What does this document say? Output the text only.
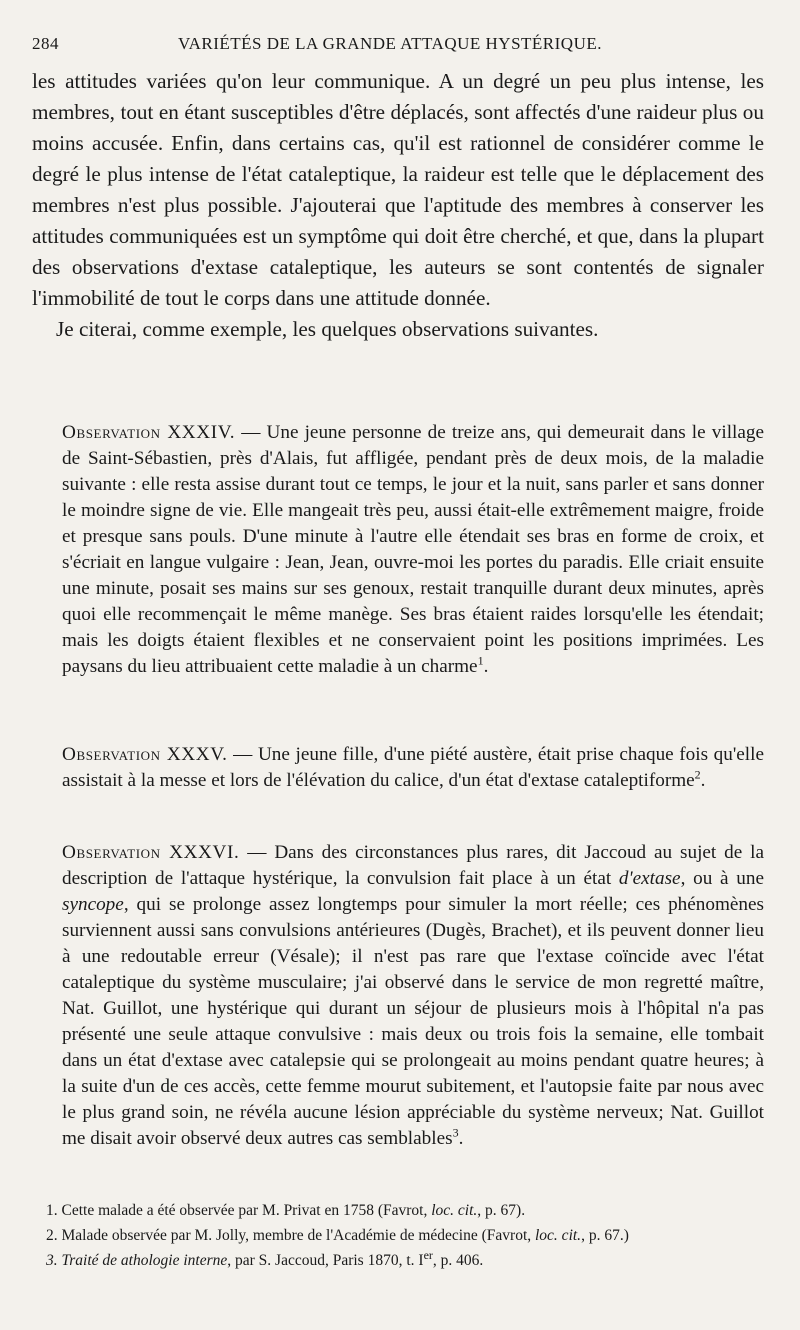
284	VARIÉTÉS DE LA GRANDE ATTAQUE HYSTÉRIQUE.

les attitudes variées qu'on leur communique. A un degré un peu plus intense, les membres, tout en étant susceptibles d'être déplacés, sont affectés d'une raideur plus ou moins accusée. Enfin, dans certains cas, qu'il est rationnel de considérer comme le degré le plus intense de l'état cataleptique, la raideur est telle que le déplacement des membres n'est plus possible. J'ajouterai que l'aptitude des membres à conserver les attitudes communiquées est un symptôme qui doit être cherché, et que, dans la plupart des observations d'extase cataleptique, les auteurs se sont contentés de signaler l'immobilité de tout le corps dans une attitude donnée.

Je citerai, comme exemple, les quelques observations suivantes.

Observation XXXIV. — Une jeune personne de treize ans, qui demeurait dans le village de Saint-Sébastien, près d'Alais, fut affligée, pendant près de deux mois, de la maladie suivante : elle resta assise durant tout ce temps, le jour et la nuit, sans parler et sans donner le moindre signe de vie. Elle mangeait très peu, aussi était-elle extrêmement maigre, froide et presque sans pouls. D'une minute à l'autre elle étendait ses bras en forme de croix, et s'écriait en langue vulgaire : Jean, Jean, ouvre-moi les portes du paradis. Elle criait ensuite une minute, posait ses mains sur ses genoux, restait tranquille durant deux minutes, après quoi elle recommençait le même manège. Ses bras étaient raides lorsqu'elle les étendait; mais les doigts étaient flexibles et ne conservaient point les positions imprimées. Les paysans du lieu attribuaient cette maladie à un charme$^1$.

Observation XXXV. — Une jeune fille, d'une piété austère, était prise chaque fois qu'elle assistait à la messe et lors de l'élévation du calice, d'un état d'extase cataleptiforme$^2$.

Observation XXXVI. — Dans des circonstances plus rares, dit Jaccoud au sujet de la description de l'attaque hystérique, la convulsion fait place à un état d'extase, ou à une syncope, qui se prolonge assez longtemps pour simuler la mort réelle; ces phénomènes surviennent aussi sans convulsions antérieures (Dugès, Brachet), et ils peuvent donner lieu à une redoutable erreur (Vésale); il n'est pas rare que l'extase coïncide avec l'état cataleptique du système musculaire; j'ai observé dans le service de mon regretté maître, Nat. Guillot, une hystérique qui durant un séjour de plusieurs mois à l'hôpital n'a pas présenté une seule attaque convulsive : mais deux ou trois fois la semaine, elle tombait dans un état d'extase avec catalepsie qui se prolongeait au moins pendant quatre heures; à la suite d'un de ces accès, cette femme mourut subitement, et l'autopsie faite par nous avec le plus grand soin, ne révéla aucune lésion appréciable du système nerveux; Nat. Guillot me disait avoir observé deux autres cas semblables$^3$.

1. Cette malade a été observée par M. Privat en 1758 (Favrot, loc. cit., p. 67).
2. Malade observée par M. Jolly, membre de l'Académie de médecine (Favrot, loc. cit., p. 67.)
3. Traité de athologie interne, par S. Jaccoud, Paris 1870, t. Ier, p. 406.
